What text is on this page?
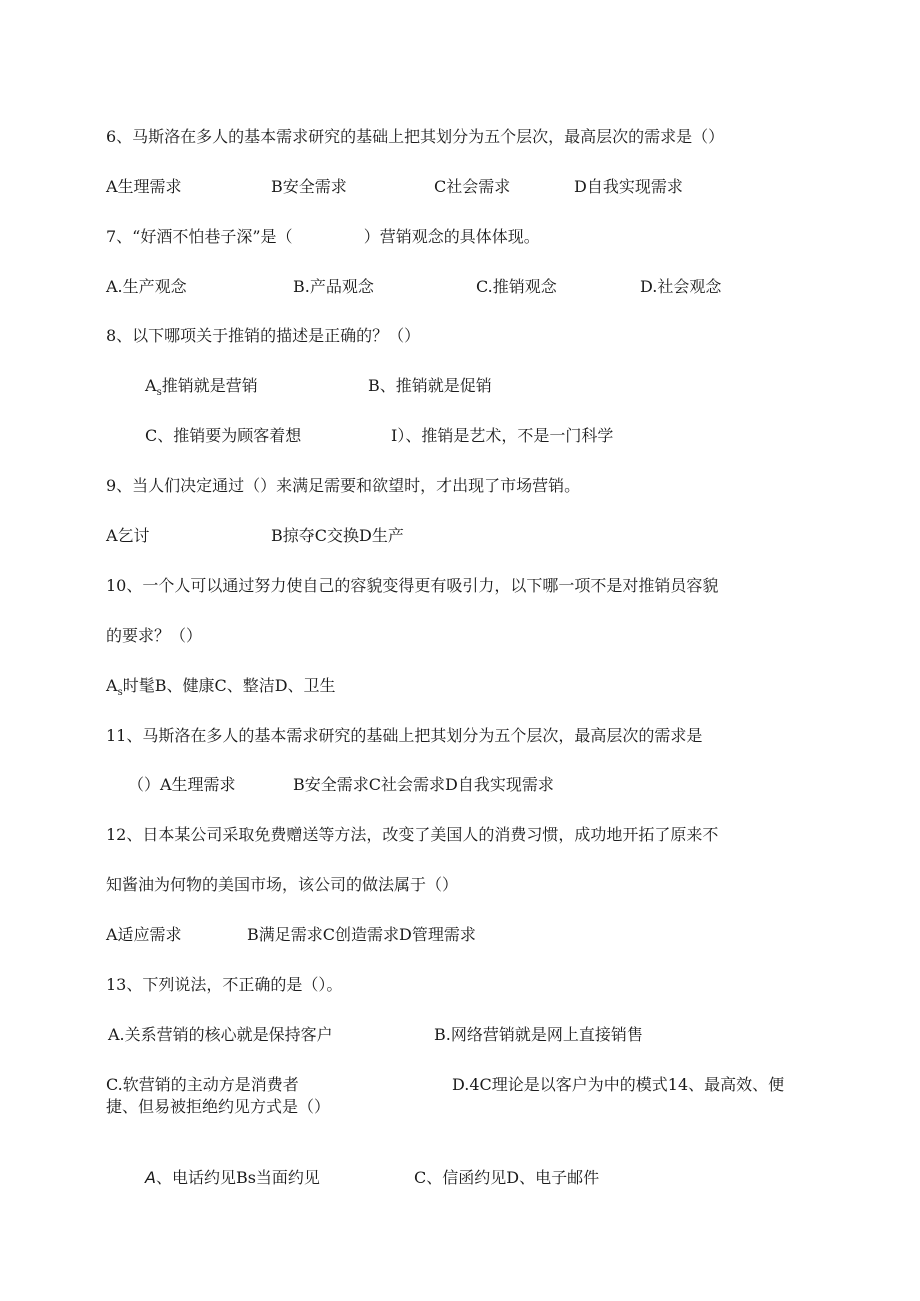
6、马斯洛在多人的基本需求研究的基础上把其划分为五个层次，最高层次的需求是（）
A生理需求	B安全需求	C社会需求	D自我实现需求
7、“好酒不怕巷子深”是（              ）营销观念的具体体现。
A.生产观念	B.产品观念	C.推销观念	D.社会观念
8、以下哪项关于推销的描述是正确的？（）
$A_s$推销就是营销	B、推销就是促销
C、推销要为顾客着想	I）、推销是艺术，不是一门科学
9、当人们决定通过（）来满足需要和欲望时，才出现了市场营销。
A乞讨	B掠夺C交换D生产
10、一个人可以通过努力使自己的容貌变得更有吸引力，以下哪一项不是对推销员容貌
的要求？（）
$A_s$时髦B、健康C、整洁D、卫生
11、马斯洛在多人的基本需求研究的基础上把其划分为五个层次，最高层次的需求是
（）A生理需求	B安全需求C社会需求D自我实现需求
12、日本某公司采取免费赠送等方法，改变了美国人的消费习惯，成功地开拓了原来不
知酱油为何物的美国市场，该公司的做法属于（）
A适应需求	B满足需求C创造需求D管理需求
13、下列说法，不正确的是（）。
A.关系营销的核心就是保持客户	B.网络营销就是网上直接销售
C.软营销的主动方是消费者	D.4C理论是以客户为中的模式14、最高效、便
捷、但易被拒绝约见方式是（）
A、电话约见Bs当面约见	C、信函约见D、电子邮件
